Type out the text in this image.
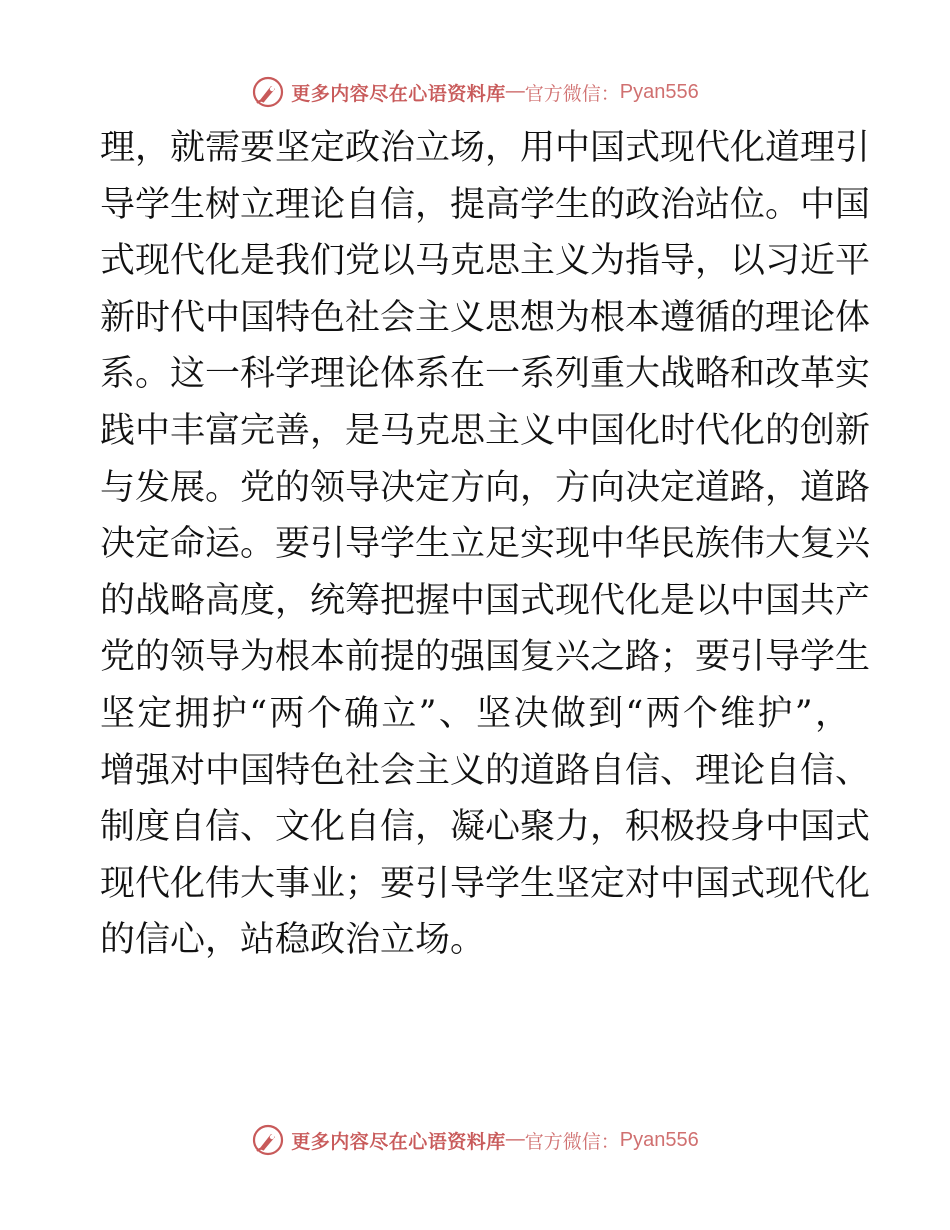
更多内容尽在心语资料库 — 官方微信： Pyan556
理，就需要坚定政治立场，用中国式现代化道理引
导学生树立理论自信，提高学生的政治站位。中国
式现代化是我们党以马克思主义为指导，以习近平
新时代中国特色社会主义思想为根本遵循的理论体
系。这一科学理论体系在一系列重大战略和改革实
践中丰富完善，是马克思主义中国化时代化的创新
与发展。党的领导决定方向，方向决定道路，道路
决定命运。要引导学生立足实现中华民族伟大复兴
的战略高度，统筹把握中国式现代化是以中国共产
党的领导为根本前提的强国复兴之路；要引导学生
坚定拥护“两个确立”、坚决做到“两个维护”，
增强对中国特色社会主义的道路自信、理论自信、
制度自信、文化自信，凝心聚力，积极投身中国式
现代化伟大事业；要引导学生坚定对中国式现代化
的信心，站稳政治立场。
更多内容尽在心语资料库 — 官方微信： Pyan556
